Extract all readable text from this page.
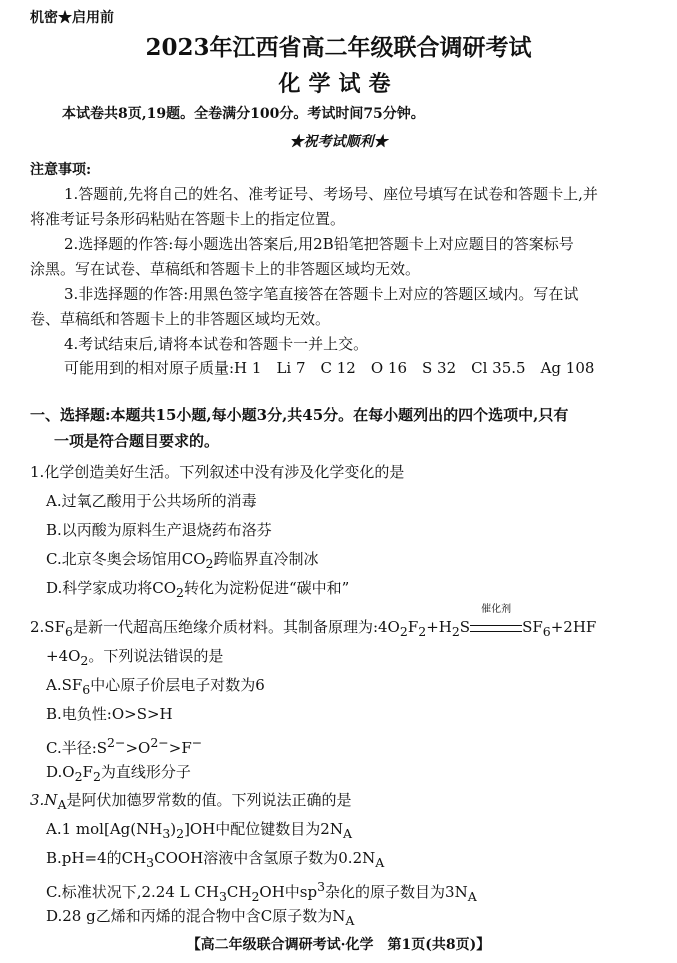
机密★启用前
2023年江西省高二年级联合调研考试
化学试卷
本试卷共8页,19题。全卷满分100分。考试时间75分钟。
★祝考试顺利★
注意事项:
1.答题前,先将自己的姓名、准考证号、考场号、座位号填写在试卷和答题卡上,并
将准考证号条形码粘贴在答题卡上的指定位置。
2.选择题的作答:每小题选出答案后,用2B铅笔把答题卡上对应题目的答案标号
涂黑。写在试卷、草稿纸和答题卡上的非答题区域均无效。
3.非选择题的作答:用黑色签字笔直接答在答题卡上对应的答题区域内。写在试
卷、草稿纸和答题卡上的非答题区域均无效。
4.考试结束后,请将本试卷和答题卡一并上交。
可能用到的相对原子质量:H 1　Li 7　C 12　O 16　S 32　Cl 35.5　Ag 108
一、选择题:本题共15小题,每小题3分,共45分。在每小题列出的四个选项中,只有
一项是符合题目要求的。
1.化学创造美好生活。下列叙述中没有涉及化学变化的是
A.过氧乙酸用于公共场所的消毒
B.以丙酸为原料生产退烧药布洛芬
C.北京冬奥会场馆用$CO_2$跨临界直冷制冰
D.科学家成功将$CO_2$转化为淀粉促进“碳中和”
$2.SF_6$是新一代超高压绝缘介质材料。其制备原理为$:4O_2F_2+H_2S$
催化剂
$SF_6+2HF$
$+4O_2$。下列说法错误的是
$A.SF_6$中心原子价层电子对数为6
B.电负性:O>S>H
C.半径$:S^{2-}>O^{2-}>F^-$
$D.O_2F_2$为直线形分子
$3.N_A$是阿伏加德罗常数的值。下列说法正确的是
A.1 $mol[Ag(NH_3)_2]OH$中配位键数目为$2N_A$
B.pH=4的$CH_3COOH$溶液中含氢原子数为$0.2N_A$
C.标准状况下,2.24 L $CH_3CH_2OH$中$sp^3$杂化的原子数目为$3N_A$
D.28 g乙烯和丙烯的混合物中含C原子数为$N_A$
【高二年级联合调研考试·化学　第1页(共8页)】
